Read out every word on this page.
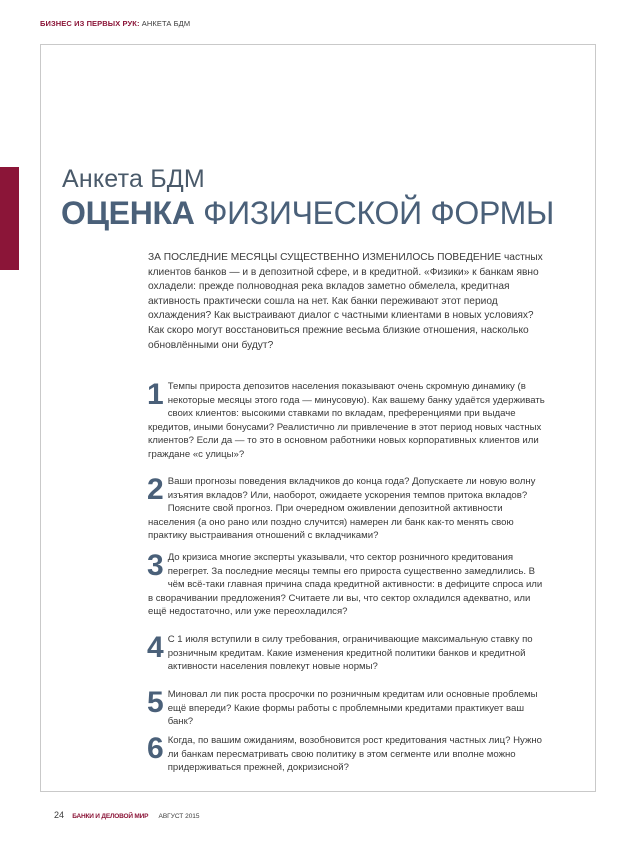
БИЗНЕС ИЗ ПЕРВЫХ РУК: АНКЕТА БДМ
Анкета БДМ
ОЦЕНКА ФИЗИЧЕСКОЙ ФОРМЫ
ЗА ПОСЛЕДНИЕ МЕСЯЦЫ СУЩЕСТВЕННО ИЗМЕНИЛОСЬ ПОВЕДЕНИЕ частных клиентов банков — и в депозитной сфере, и в кредитной. «Физики» к банкам явно охладели: прежде полноводная река вкладов заметно обмелела, кредитная активность практически сошла на нет. Как банки переживают этот период охлаждения? Как выстраивают диалог с частными клиентами в новых условиях? Как скоро могут восстановиться прежние весьма близкие отношения, насколько обновлёнными они будут?
1 Темпы прироста депозитов населения показывают очень скромную динамику (в некоторые месяцы этого года — минусовую). Как вашему банку удаётся удерживать своих клиентов: высокими ставками по вкладам, преференциями при выдаче кредитов, иными бонусами? Реалистично ли привлечение в этот период новых частных клиентов? Если да — то это в основном работники новых корпоративных клиентов или граждане «с улицы»?
2 Ваши прогнозы поведения вкладчиков до конца года? Допускаете ли новую волну изъятия вкладов? Или, наоборот, ожидаете ускорения темпов притока вкладов? Поясните свой прогноз. При очередном оживлении депозитной активности населения (а оно рано или поздно случится) намерен ли банк как-то менять свою практику выстраивания отношений с вкладчиками?
3 До кризиса многие эксперты указывали, что сектор розничного кредитования перегрет. За последние месяцы темпы его прироста существенно замедлились. В чём всё-таки главная причина спада кредитной активности: в дефиците спроса или в сворачивании предложения? Считаете ли вы, что сектор охладился адекватно, или ещё недостаточно, или уже переохладился?
4 С 1 июля вступили в силу требования, ограничивающие максимальную ставку по розничным кредитам. Какие изменения кредитной политики банков и кредитной активности населения повлекут новые нормы?
5 Миновал ли пик роста просрочки по розничным кредитам или основные проблемы ещё впереди? Какие формы работы с проблемными кредитами практикует ваш банк?
6 Когда, по вашим ожиданиям, возобновится рост кредитования частных лиц? Нужно ли банкам пересматривать свою политику в этом сегменте или вполне можно придерживаться прежней, докризисной?
24 БАНКИ И ДЕЛОВОЙ МИР АВГУСТ 2015
